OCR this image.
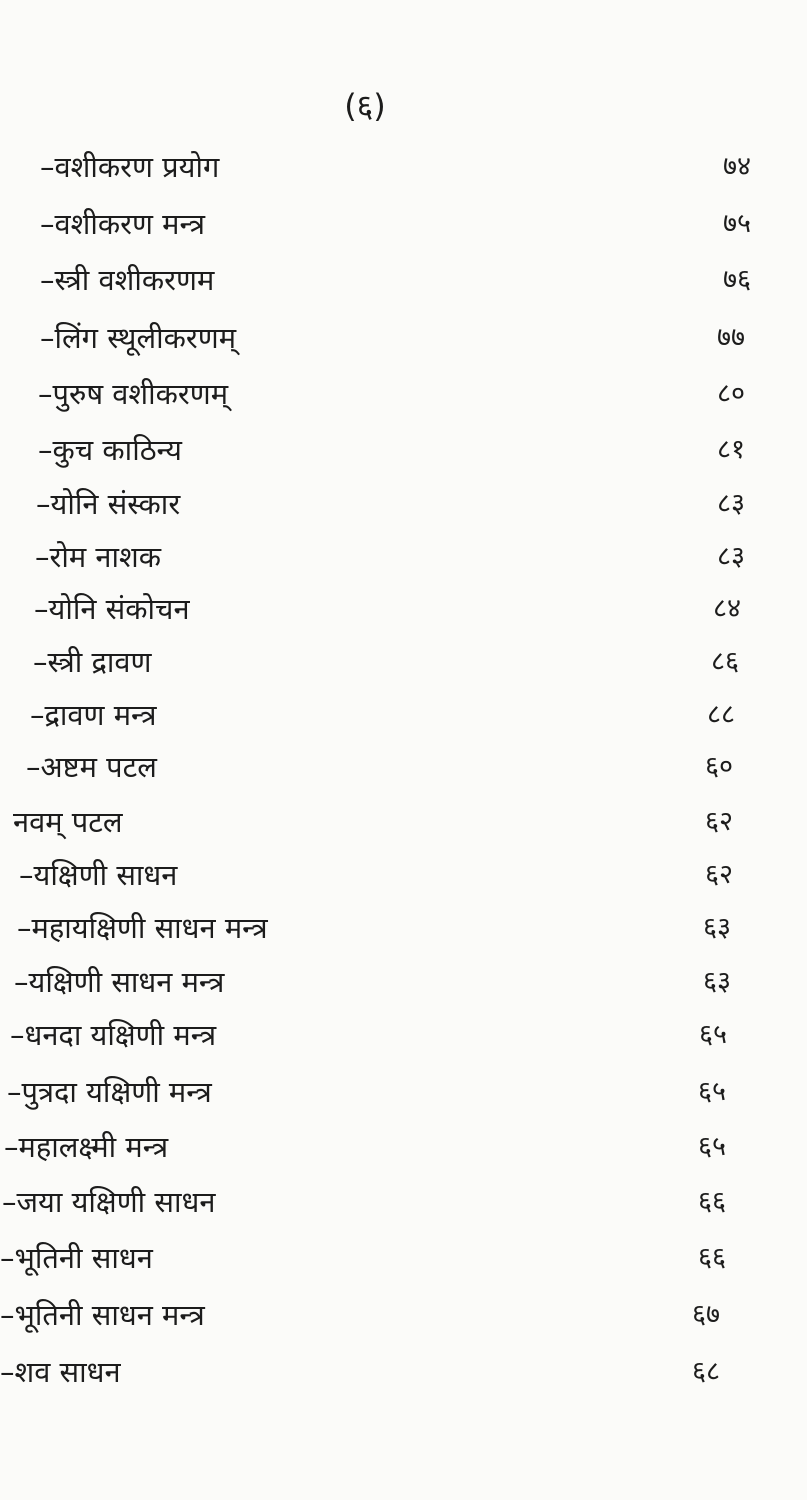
(६)
–वशीकरण प्रयोग	७४
–वशीकरण मन्त्र	७५
–स्त्री वशीकरणम	७६
–लिंग स्थूलीकरणम्	७७
–पुरुष वशीकरणम्	८०
–कुच काठिन्य	८१
–योनि संस्कार	८३
–रोम नाशक	८३
–योनि संकोचन	८४
–स्त्री द्रावण	८६
–द्रावण मन्त्र	८८
–अष्टम पटल	६०
नवम् पटल	६२
–यक्षिणी साधन	६२
–महायक्षिणी साधन मन्त्र	६३
–यक्षिणी साधन मन्त्र	६३
–धनदा यक्षिणी मन्त्र	६५
–पुत्रदा यक्षिणी मन्त्र	६५
–महालक्ष्मी मन्त्र	६५
–जया यक्षिणी साधन	६६
–भूतिनी साधन	६६
–भूतिनी साधन मन्त्र	६७
–शव साधन	६८
